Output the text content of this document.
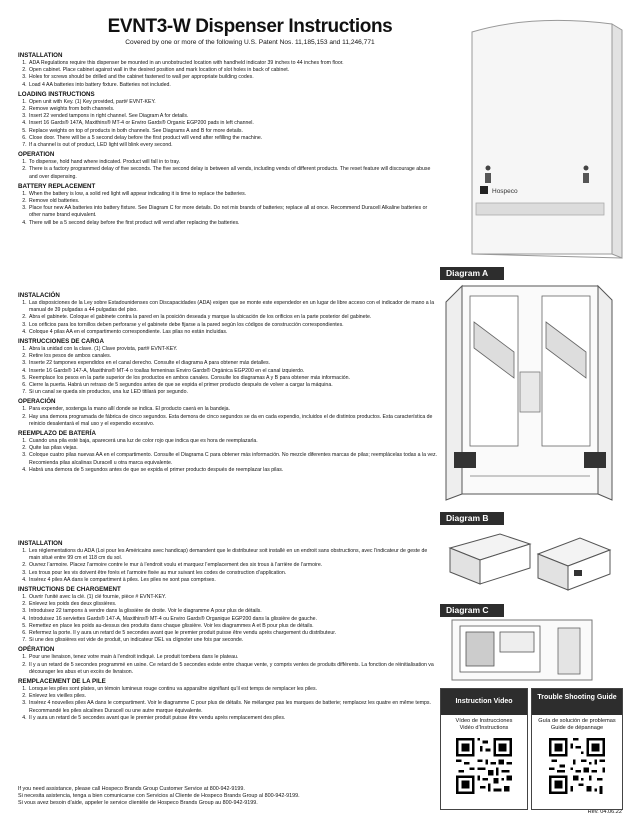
EVNT3-W Dispenser Instructions
Covered by one or more of the following U.S. Patent Nos. 11,185,153 and 11,246,771
INSTALLATION
1. ADA Regulations require this dispenser be mounted in an unobstructed location with handheld indicator 39 inches to 44 inches from floor.
2. Open cabinet. Place cabinet against wall in the desired position and mark location of slot holes in back of cabinet.
3. Holes for screws should be drilled and the cabinet fastened to wall per appropriate building codes.
4. Load 4 AA batteries into battery fixture. Batteries not included.
LOADING INSTRUCTIONS
1. Open unit with Key. (1) Key provided, part# EVNT-KEY.
2. Remove weights from both channels.
3. Insert 22 vended tampons in right channel. See Diagram A for details.
4. Insert 16 Gards® 147A, Maxithins® MT-4 or Enviro Gards® Organic EGP200 pads in left channel.
5. Replace weights on top of products in both channels. See Diagrams A and B for more details.
6. Close door. There will be a 5 second delay before the first product will vend after refilling the machine.
7. If a channel is out of product, LED light will blink every second.
OPERATION
1. To dispense, hold hand where indicated. Product will fall in to tray.
2. There is a factory programmed delay of five seconds. The five second delay is between all vends, including vends of different products. The reset feature will discourage abuse and over dispensing.
BATTERY REPLACEMENT
1. When the battery is low, a solid red light will appear indicating it is time to replace the batteries.
2. Remove old batteries.
3. Place four new AA batteries into battery fixture. See Diagram C for more details. Do not mix brands of batteries; replace all at once. Recommend Duracell Alkaline batteries or other name brand equivalent.
4. There will be a 5 second delay before the first product will vend after replacing the batteries.
INSTALACIÓN
1. Las disposiciones de la Ley sobre Estadounidenses con Discapacidades (ADA) exigen que se monte este expendedor en un lugar de libre acceso con el indicador de mano a la manual de 39 pulgadas a 44 pulgadas del piso.
2. Abra el gabinete. Coloque el gabinete contra la pared en la posición deseada y marque la ubicación de los orificios en la parte posterior del gabinete.
3. Los orificios para los tornillos deben perforarse y el gabinete debe fijarse a la pared según los códigos de construcción correspondientes.
4. Coloque 4 pilas AA en el compartimento correspondiente. Las pilas no están incluidas.
INSTRUCCIONES DE CARGA
1. Abra la unidad con la clave. (1) Clave provista, part# EVNT-KEY.
2. Retire los pesos de ambos canales.
3. Inserte 22 tampones expendidos en el canal derecho. Consulte el diagrama A para obtener más detalles.
4. Inserte 16 Gards® 147-A, Maxithins® MT-4 o toallas femeninas Enviro Gards® Orgánica EGP200 en el canal izquierdo.
5. Reemplace los pesos en la parte superior de los productos en ambos canales. Consulte los diagramas A y B para obtener más información.
6. Cierre la puerta. Habrá un retraso de 5 segundos antes de que se expida el primer producto después de volver a cargar la máquina.
7. Si un canal se queda sin productos, una luz LED titilará por segundo.
OPERACIÓN
1. Para expender, sostenga la mano allí donde se indica. El producto caerá en la bandeja.
2. Hay una demora programada de fábrica de cinco segundos. Esta demora de cinco segundos se da en cada expendio, incluidos el de distintos productos. Esta característica de reinicio desalentará el mal uso y el expendio excesivo.
REEMPLAZO DE BATERÍA
1. Cuando una pila esté baja, aparecerá una luz de color rojo que indica que es hora de reemplazarla.
2. Quite las pilas viejas.
3. Coloque cuatro pilas nuevas AA en el compartimento. Consulte el Diagrama C para obtener más información. No mezcle diferentes marcas de pilas; reemplácelas todas a la vez. Recomienda pilas alcalinas Duracell u otra marca equivalente.
4. Habrá una demora de 5 segundos antes de que se expida el primer producto después de reemplazar las pilas.
INSTALLATION
1. Les réglementations du ADA (Loi pour les Américains avec handicap) demandent que le distributeur soit installé en un endroit sans obstructions, avec l’indicateur de geste de main situé entre 99 cm et 118 cm du sol.
2. Ouvrez l’armoire. Placez l’armoire contre le mur à l’endroit voulu et marquez l’emplacement des six trous à l’arrière de l’armoire.
3. Les trous pour les vis doivent être forés et l’armoire fixée au mur suivant les codes de construction d’application.
4. Insérez 4 piles AA dans le compartiment à piles. Les piles ne sont pas comprises.
INSTRUCTIONS DE CHARGEMENT
1. Ouvrir l’unité avec la clé. (1) clé fournie, pièce # EVNT-KEY.
2. Enlevez les poids des deux glissières.
3. Introduisez 22 tampons à vendre dans la glissière de droite. Voir le diagramme A pour plus de détails.
4. Introduisez 16 serviettes Gards® 147-A, Maxithins® MT-4 ou Enviro Gards® Organique EGP200 dans la glissière de gauche.
5. Remettez en place les poids au-dessus des produits dans chaque glissière. Voir les diagrammes A et B pour plus de détails.
6. Refermez la porte. Il y aura un retard de 5 secondes avant que le premier produit puisse être vendu après chargement du distributeur.
7. Si une des glissières est vide de produit, un indicateur DEL va clignoter une fois par seconde.
OPÉRATION
1. Pour une livraison, tenez votre main à l’endroit indiqué. Le produit tombera dans le plateau.
2. Il y a un retard de 5 secondes programmé en usine. Ce retard de 5 secondes existe entre chaque vente, y compris ventes de produits différents. La fonction de réinitialisation va décourager les abus et un excès de livraison.
REMPLACEMENT DE LA PILE
1. Lorsque les piles sont plates, un témoin lumineux rouge continu va apparaître signifiant qu’il est temps de remplacer les piles.
2. Enlevez les vieilles piles.
3. Insérez 4 nouvelles piles AA dans le compartiment. Voir le diagramme C pour plus de détails. Ne mélangez pas les marques de batterie; remplacez les quatre en même temps. Recommandé les piles alcalines Duracell ou une autre marque équivalente.
4. Il y aura un retard de 5 secondes avant que le premier produit puisse être vendu après remplacement des piles.
If you need assistance, please call Hospeco Brands Group Customer Service at 800-942-9199.
Si necesita asistencia, tenga a bien comunicarse con Servicios al Cliente de Hospeco Brands Group al 800-942-9199.
Si vous avez besoin d’aide, appeler le service clientèle de Hospeco Brands Group au 800-942-9199.
Rev. 04.06.22
Hospeco
Diagram A
Diagram B
Diagram C
Instruction Video
Vídeo de Instrucciones
Vidéo d’Instructions
Trouble Shooting Guide
Guía de solución de problemas
Guide de dépannage
